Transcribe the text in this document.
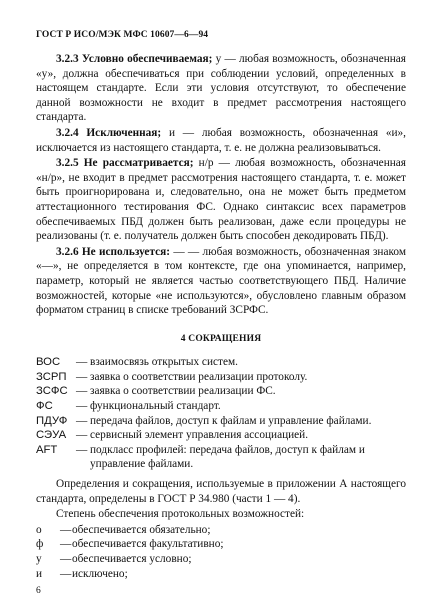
ГОСТ Р ИСО/МЭК МФС 10607—6—94

3.2.3 Условно обеспечиваемая; у — любая возможность, обозначенная «у», должна обеспечиваться при соблюдении условий, определенных в настоящем стандарте. Если эти условия отсутствуют, то обеспечение данной возможности не входит в предмет рассмотрения настоящего стандарта.

3.2.4 Исключенная; и — любая возможность, обозначенная «и», исключается из настоящего стандарта, т. е. не должна реализовываться.

3.2.5 Не рассматривается; н/р — любая возможность, обозначенная «н/р», не входит в предмет рассмотрения настоящего стандарта, т. е. может быть проигнорирована и, следовательно, она не может быть предметом аттестационного тестирования ФС. Однако синтаксис всех параметров обеспечиваемых ПБД должен быть реализован, даже если процедуры не реализованы (т. е. получатель должен быть способен декодировать ПБД).

3.2.6 Не используется: — — любая возможность, обозначенная знаком «—», не определяется в том контексте, где она упоминается, например, параметр, который не является частью соответствующего ПБД. Наличие возможностей, которые «не используются», обусловлено главным образом форматом страниц в списке требований ЗСРФС.

4 СОКРАЩЕНИЯ
ВОС	— взаимосвязь открытых систем.
ЗСРП — заявка о соответствии реализации протоколу.
ЗСФС — заявка о соответствии реализации ФС.
ФС	— функциональный стандарт.
ПДУФ — передача файлов, доступ к файлам и управление файлами.
СЭУА — сервисный элемент управления ассоциацией.
AFT	— подкласс профилей: передача файлов, доступ к файлам и управление файлами.

Определения и сокращения, используемые в приложении А настоящего стандарта, определены в ГОСТ Р 34.980 (части 1 — 4).

Степень обеспечения протокольных возможностей:

о	— обеспечивается обязательно;
ф	— обеспечивается факультативно;
у	— обеспечивается условно;
и	— исключено;
6
